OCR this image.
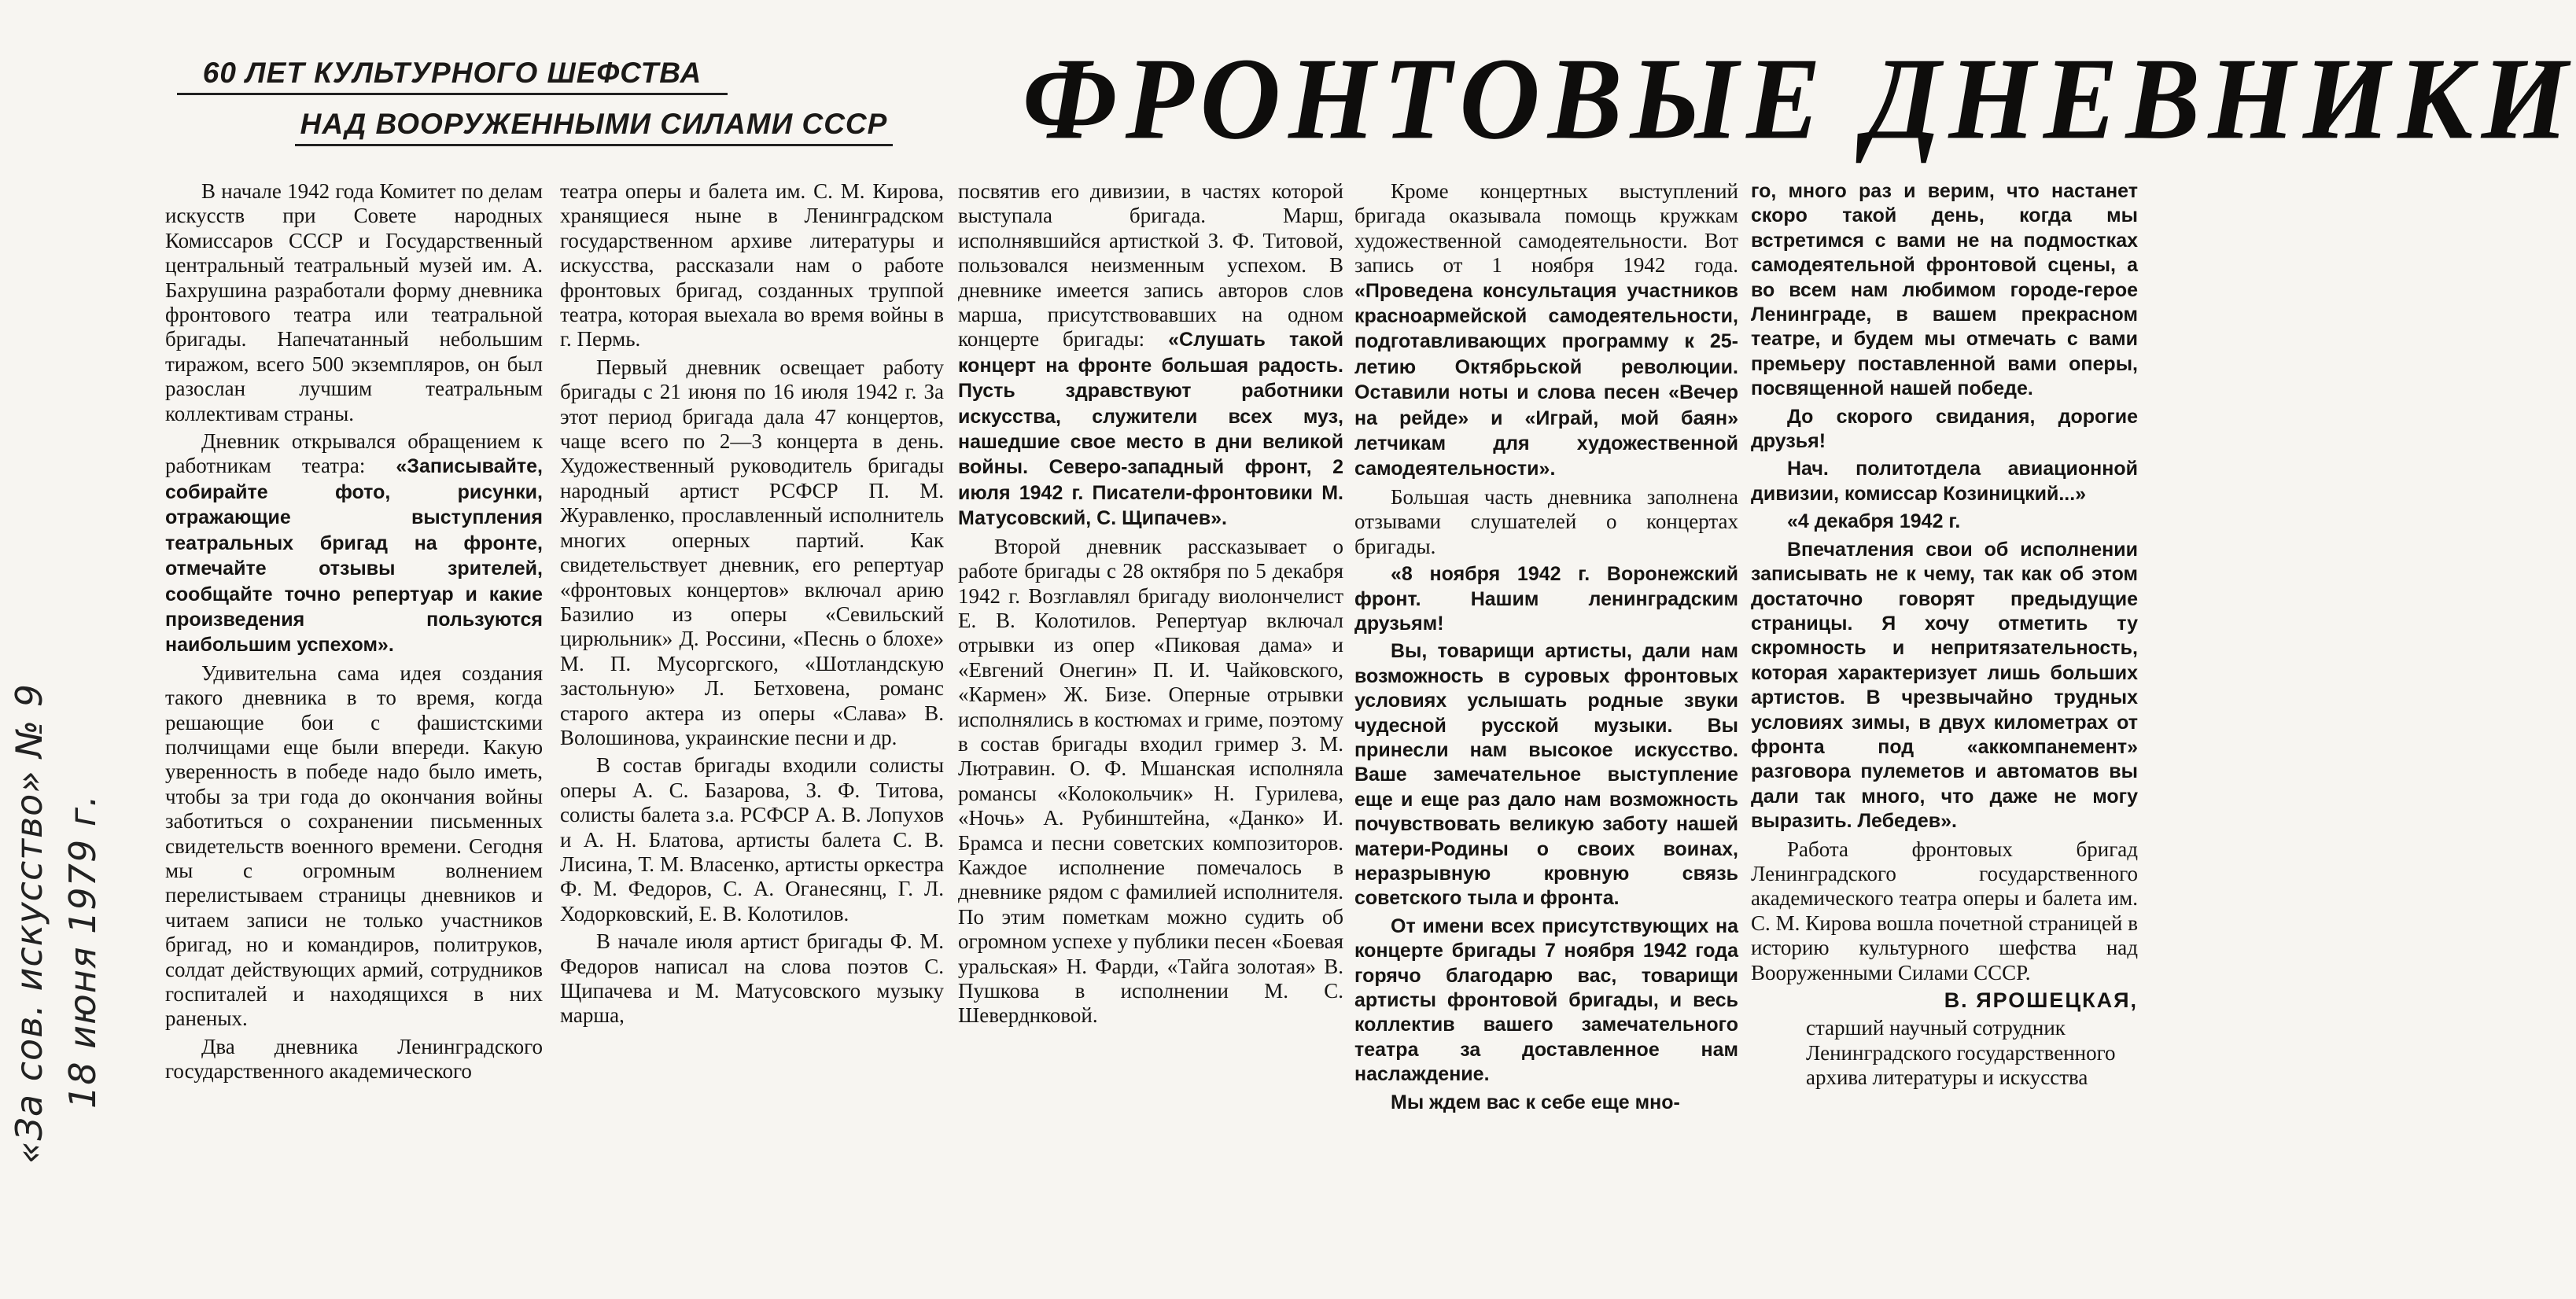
«За сов. искусство» № 9 18 июня 1979 г.
60 ЛЕТ КУЛЬТУРНОГО ШЕФСТВА
НАД ВООРУЖЕННЫМИ СИЛАМИ СССР ФРОНТОВЫЕ ДНЕВНИКИ

В начале 1942 года Комитет по делам искусств при Совете народных Комиссаров СССР и Государственный центральный театральный музей им. А. Бахрушина разработали форму дневника фронтового театра или театральной бригады. Напечатанный небольшим тиражом, всего 500 экземпляров, он был разослан лучшим театральным коллективам страны.

Дневник открывался обращением к работникам театра: «Записывайте, собирайте фото, рисунки, отражающие выступления театральных бригад на фронте, отмечайте отзывы зрителей, сообщайте точно репертуар и какие произведения пользуются наибольшим успехом».

Удивительна сама идея создания такого дневника в то время, когда решающие бои с фашистскими полчищами еще были впереди. Какую уверенность в победе надо было иметь, чтобы за три года до окончания войны заботиться о сохранении письменных свидетельств военного времени. Сегодня мы с огромным волнением перелистываем страницы дневников и читаем записи не только участников бригад, но и командиров, политруков, солдат действующих армий, сотрудников госпиталей и находящихся в них раненых.

Два дневника Ленинградского государственного академического

театра оперы и балета им. С. М. Кирова, хранящиеся ныне в Ленинградском государственном архиве литературы и искусства, рассказали нам о работе фронтовых бригад, созданных труппой театра, которая выехала во время войны в г. Пермь.

Первый дневник освещает работу бригады с 21 июня по 16 июля 1942 г. За этот период бригада дала 47 концертов, чаще всего по 2—3 концерта в день. Художественный руководитель бригады народный артист РСФСР П. М. Журавленко, прославленный исполнитель многих оперных партий. Как свидетельствует дневник, его репертуар «фронтовых концертов» включал арию Базилио из оперы «Севильский цирюльник» Д. Россини, «Песнь о блохе» М. П. Мусоргского, «Шотландскую застольную» Л. Бетховена, романс старого актера из оперы «Слава» В. Волошинова, украинские песни и др.

В состав бригады входили солисты оперы А. С. Базарова, З. Ф. Титова, солисты балета з.а. РСФСР А. В. Лопухов и А. Н. Блатова, артисты балета С. В. Лисина, Т. М. Власенко, артисты оркестра Ф. М. Федоров, С. А. Оганесянц, Г. Л. Ходорковский, Е. В. Колотилов.

В начале июля артист бригады Ф. М. Федоров написал на слова поэтов С. Щипачева и М. Матусовского музыку марша,

посвятив его дивизии, в частях которой выступала бригада. Марш, исполнявшийся артисткой З. Ф. Титовой, пользовался неизменным успехом. В дневнике имеется запись авторов слов марша, присутствовавших на одном концерте бригады: «Слушать такой концерт на фронте большая радость. Пусть здравствуют работники искусства, служители всех муз, нашедшие свое место в дни великой войны. Северо-западный фронт, 2 июля 1942 г. Писатели-фронтовики М. Матусовский, С. Щипачев».

Второй дневник рассказывает о работе бригады с 28 октября по 5 декабря 1942 г. Возглавлял бригаду виолончелист Е. В. Колотилов. Репертуар включал отрывки из опер «Пиковая дама» и «Евгений Онегин» П. И. Чайковского, «Кармен» Ж. Бизе. Оперные отрывки исполнялись в костюмах и гриме, поэтому в состав бригады входил гример З. М. Лютравин. О. Ф. Мшанская исполняла романсы «Колокольчик» Н. Гурилева, «Ночь» А. Рубинштейна, «Данко» И. Брамса и песни советских композиторов. Каждое исполнение помечалось в дневнике рядом с фамилией исполнителя. По этим пометкам можно судить об огромном успехе у публики песен «Боевая уральская» Н. Фарди, «Тайга золотая» В. Пушкова в исполнении М. С. Шеверднковой.

Кроме концертных выступлений бригада оказывала помощь кружкам художественной самодеятельности. Вот запись от 1 ноября 1942 года. «Проведена консультация участников красноармейской самодеятельности, подготавливающих программу к 25-летию Октябрьской революции. Оставили ноты и слова песен «Вечер на рейде» и «Играй, мой баян» летчикам для художественной самодеятельности».

Большая часть дневника заполнена отзывами слушателей о концертах бригады.

«8 ноября 1942 г. Воронежский фронт. Нашим ленинградским друзьям!

Вы, товарищи артисты, дали нам возможность в суровых фронтовых условиях услышать родные звуки чудесной русской музыки. Вы принесли нам высокое искусство. Ваше замечательное выступление еще и еще раз дало нам возможность почувствовать великую заботу нашей матери-Родины о своих воинах, неразрывную кровную связь советского тыла и фронта.

От имени всех присутствующих на концерте бригады 7 ноября 1942 года горячо благодарю вас, товарищи артисты фронтовой бригады, и весь коллектив вашего замечательного театра за доставленное нам наслаждение.

Мы ждем вас к себе еще мно-

го, много раз и верим, что настанет скоро такой день, когда мы встретимся с вами не на подмостках самодеятельной фронтовой сцены, а во всем нам любимом городе-герое Ленинграде, в вашем прекрасном театре, и будем мы отмечать с вами премьеру поставленной вами оперы, посвященной нашей победе.

До скорого свидания, дорогие друзья!

Нач. политотдела авиационной дивизии, комиссар Козиницкий...»

«4 декабря 1942 г.

Впечатления свои об исполнении записывать не к чему, так как об этом достаточно говорят предыдущие страницы. Я хочу отметить ту скромность и непритязательность, которая характеризует лишь больших артистов. В чрезвычайно трудных условиях зимы, в двух километрах от фронта под «аккомпанемент» разговора пулеметов и автоматов вы дали так много, что даже не могу выразить. Лебедев».

Работа фронтовых бригад Ленинградского государственного академического театра оперы и балета им. С. М. Кирова вошла почетной страницей в историю культурного шефства над Вооруженными Силами СССР.

В. ЯРОШЕЦКАЯ,

старший научный сотрудник Ленинградского государственного архива литературы и искусства
